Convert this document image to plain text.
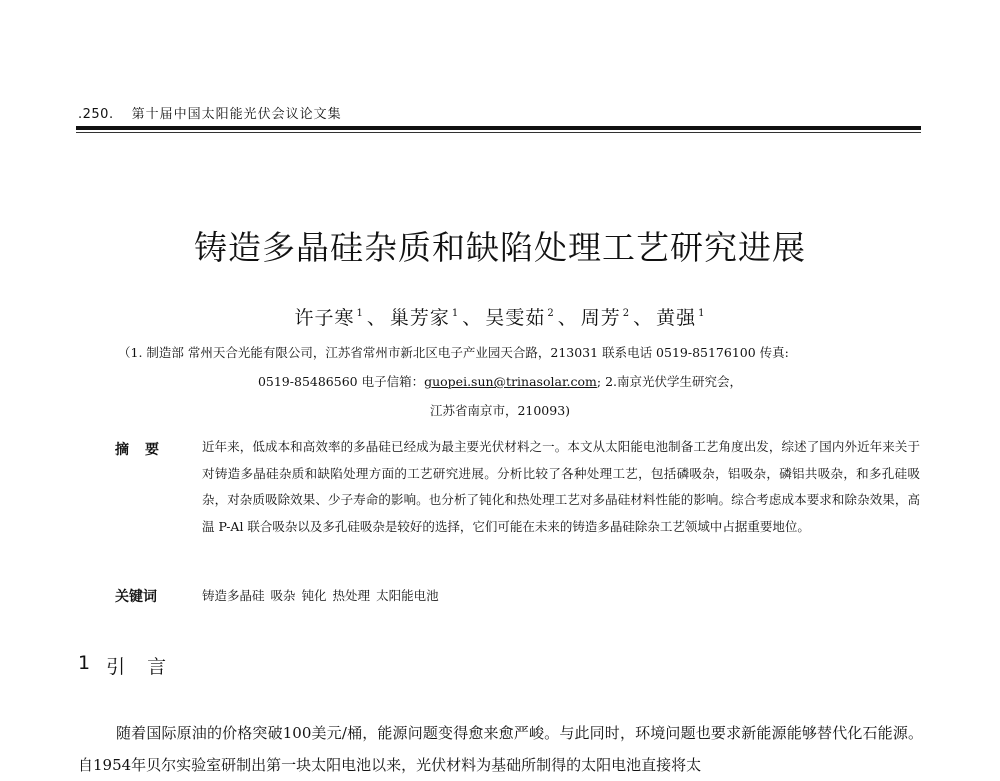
.250. 第十届中国太阳能光伏会议论文集
铸造多晶硅杂质和缺陷处理工艺研究进展
许子寒 $^1$ 、 巢芳家 $^1$ 、 吴雯茹 $^2$ 、 周芳 $^2$ 、 黄强 $^1$
（1. 制造部 常州天合光能有限公司，江苏省常州市新北区电子产业园天合路，213031 联系电话 0519-85176100 传真:
0519-85486560 电子信箱：guopei.sun@trinasolar.com; 2.南京光伏学生研究会，
江苏省南京市，210093)
摘要 近年来，低成本和高效率的多晶硅已经成为最主要光伏材料之一。本文从太阳能电池制备工艺角度出发，综述了国内外近年来关于对铸造多晶硅杂质和缺陷处理方面的工艺研究进展。分析比较了各种处理工艺，包括磷吸杂，铝吸杂，磷铝共吸杂，和多孔硅吸杂，对杂质吸除效果、少子寿命的影响。也分析了钝化和热处理工艺对多晶硅材料性能的影响。综合考虑成本要求和除杂效果，高温 P-Al 联合吸杂以及多孔硅吸杂是较好的选择，它们可能在未来的铸造多晶硅除杂工艺领域中占据重要地位。
关键词	铸造多晶硅 吸杂 钝化 热处理 太阳能电池
1 引言
随着国际原油的价格突破100美元/桶，能源问题变得愈来愈严峻。与此同时，环境问题也要求新能源能够替代化石能源。自1954年贝尔实验室研制出第一块太阳电池以来，光伏材料为基础所制得的太阳电池直接将太
